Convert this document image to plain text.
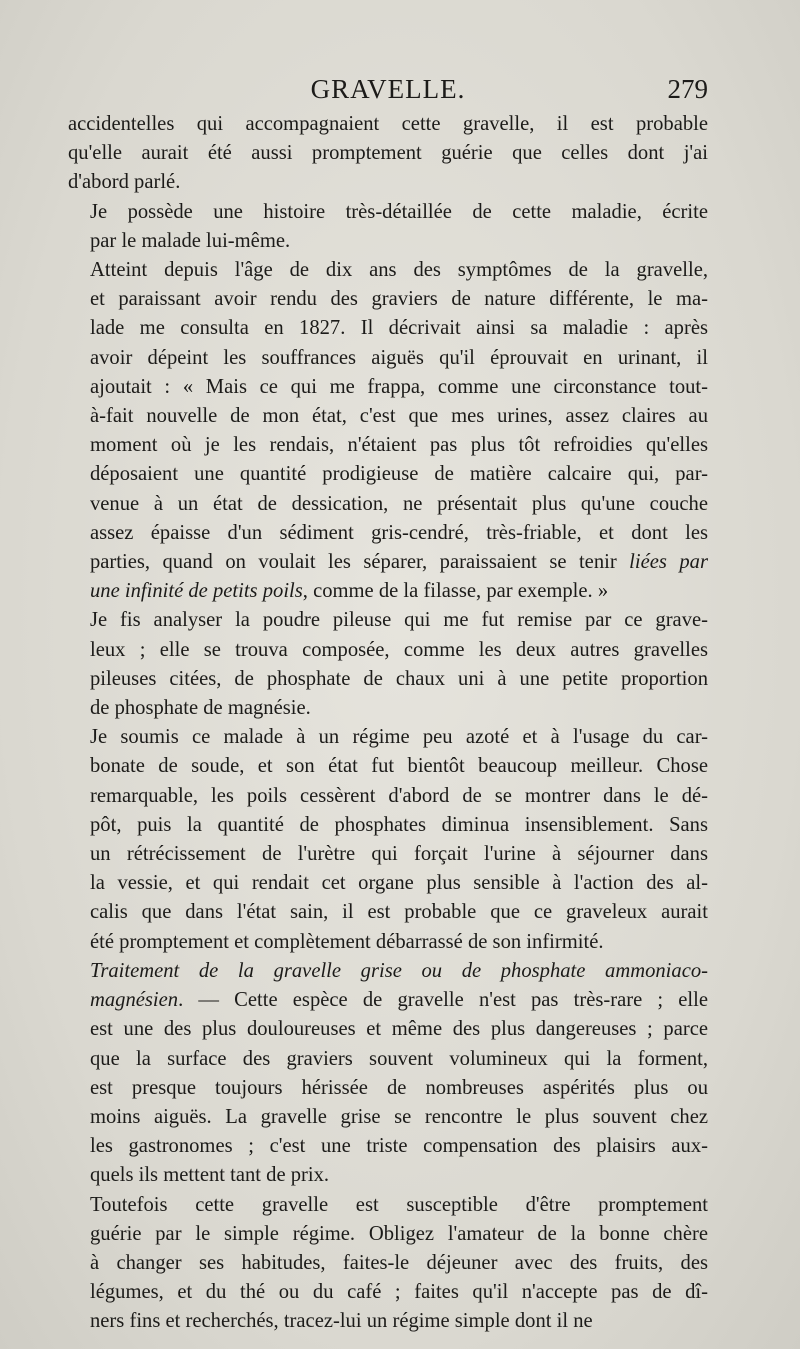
GRAVELLE.	279

accidentelles qui accompagnaient cette gravelle, il est probable
qu'elle aurait été aussi promptement guérie que celles dont j'ai
d'abord parlé.

Je possède une histoire très-détaillée de cette maladie, écrite
par le malade lui-même.

Atteint depuis l'âge de dix ans des symptômes de la gravelle,
et paraissant avoir rendu des graviers de nature différente, le ma-
lade me consulta en 1827. Il décrivait ainsi sa maladie : après
avoir dépeint les souffrances aiguës qu'il éprouvait en urinant, il
ajoutait : « Mais ce qui me frappa, comme une circonstance tout-
à-fait nouvelle de mon état, c'est que mes urines, assez claires au
moment où je les rendais, n'étaient pas plus tôt refroidies qu'elles
déposaient une quantité prodigieuse de matière calcaire qui, par-
venue à un état de dessication, ne présentait plus qu'une couche
assez épaisse d'un sédiment gris-cendré, très-friable, et dont les
parties, quand on voulait les séparer, paraissaient se tenir liées par
une infinité de petits poils, comme de la filasse, par exemple. »

Je fis analyser la poudre pileuse qui me fut remise par ce grave-
leux ; elle se trouva composée, comme les deux autres gravelles
pileuses citées, de phosphate de chaux uni à une petite proportion
de phosphate de magnésie.

Je soumis ce malade à un régime peu azoté et à l'usage du car-
bonate de soude, et son état fut bientôt beaucoup meilleur. Chose
remarquable, les poils cessèrent d'abord de se montrer dans le dé-
pôt, puis la quantité de phosphates diminua insensiblement. Sans
un rétrécissement de l'urètre qui forçait l'urine à séjourner dans
la vessie, et qui rendait cet organe plus sensible à l'action des al-
calis que dans l'état sain, il est probable que ce graveleux aurait
été promptement et complètement débarrassé de son infirmité.

Traitement de la gravelle grise ou de phosphate ammoniaco-
magnésien. — Cette espèce de gravelle n'est pas très-rare ; elle
est une des plus douloureuses et même des plus dangereuses ; parce
que la surface des graviers souvent volumineux qui la forment,
est presque toujours hérissée de nombreuses aspérités plus ou
moins aiguës. La gravelle grise se rencontre le plus souvent chez
les gastronomes ; c'est une triste compensation des plaisirs aux-
quels ils mettent tant de prix.

Toutefois cette gravelle est susceptible d'être promptement
guérie par le simple régime. Obligez l'amateur de la bonne chère
à changer ses habitudes, faites-le déjeuner avec des fruits, des
légumes, et du thé ou du café ; faites qu'il n'accepte pas de dî-
ners fins et recherchés, tracez-lui un régime simple dont il ne
